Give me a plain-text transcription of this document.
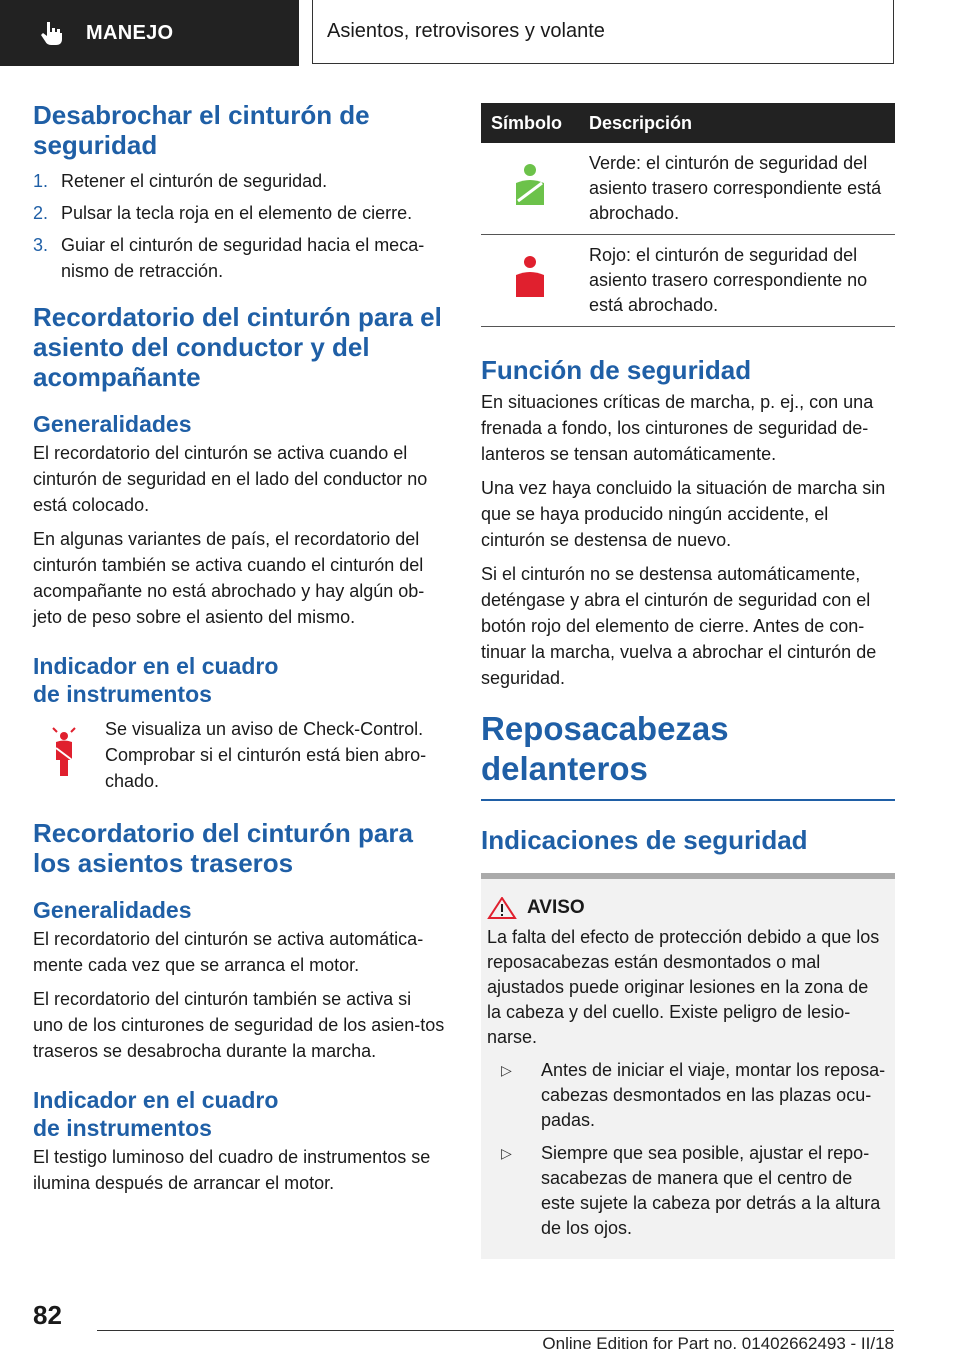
MANEJO	Asientos, retrovisores y volante
Desabrochar el cinturón de seguridad
1. Retener el cinturón de seguridad.
2. Pulsar la tecla roja en el elemento de cierre.
3. Guiar el cinturón de seguridad hacia el meca-nismo de retracción.
Recordatorio del cinturón para el asiento del conductor y del acompañante
Generalidades

El recordatorio del cinturón se activa cuando el cinturón de seguridad en el lado del conductor no está colocado.

En algunas variantes de país, el recordatorio del cinturón también se activa cuando el cinturón del acompañante no está abrochado y hay algún ob-jeto de peso sobre el asiento del mismo.

Indicador en el cuadro de instrumentos

Se visualiza un aviso de Check-Control. Comprobar si el cinturón está bien abro-chado.

Recordatorio del cinturón para los asientos traseros
Generalidades

El recordatorio del cinturón se activa automática-mente cada vez que se arranca el motor.

El recordatorio del cinturón también se activa si uno de los cinturones de seguridad de los asien-tos traseros se desabrocha durante la marcha.

Indicador en el cuadro de instrumentos

El testigo luminoso del cuadro de instrumentos se ilumina después de arrancar el motor.

Símbolo	Descripción
	Verde: el cinturón de seguridad del asiento trasero correspondiente está abrochado.
	Rojo: el cinturón de seguridad del asiento trasero correspondiente no está abrochado.
Función de seguridad

En situaciones críticas de marcha, p. ej., con una frenada a fondo, los cinturones de seguridad de-lanteros se tensan automáticamente.

Una vez haya concluido la situación de marcha sin que se haya producido ningún accidente, el cinturón se destensa de nuevo.

Si el cinturón no se destensa automáticamente, deténgase y abra el cinturón de seguridad con el botón rojo del elemento de cierre. Antes de con-tinuar la marcha, vuelva a abrochar el cinturón de seguridad.

Reposacabezas delanteros
Indicaciones de seguridad
AVISO

La falta del efecto de protección debido a que los reposacabezas están desmontados o mal ajustados puede originar lesiones en la zona de la cabeza y del cuello. Existe peligro de lesio-narse.

▷	Antes de iniciar el viaje, montar los reposa-cabezas desmontados en las plazas ocu-padas.
▷	Siempre que sea posible, ajustar el repo-sacabezas de manera que el centro de este sujete la cabeza por detrás a la altura de los ojos.
82
Online Edition for Part no. 01402662493 - II/18
